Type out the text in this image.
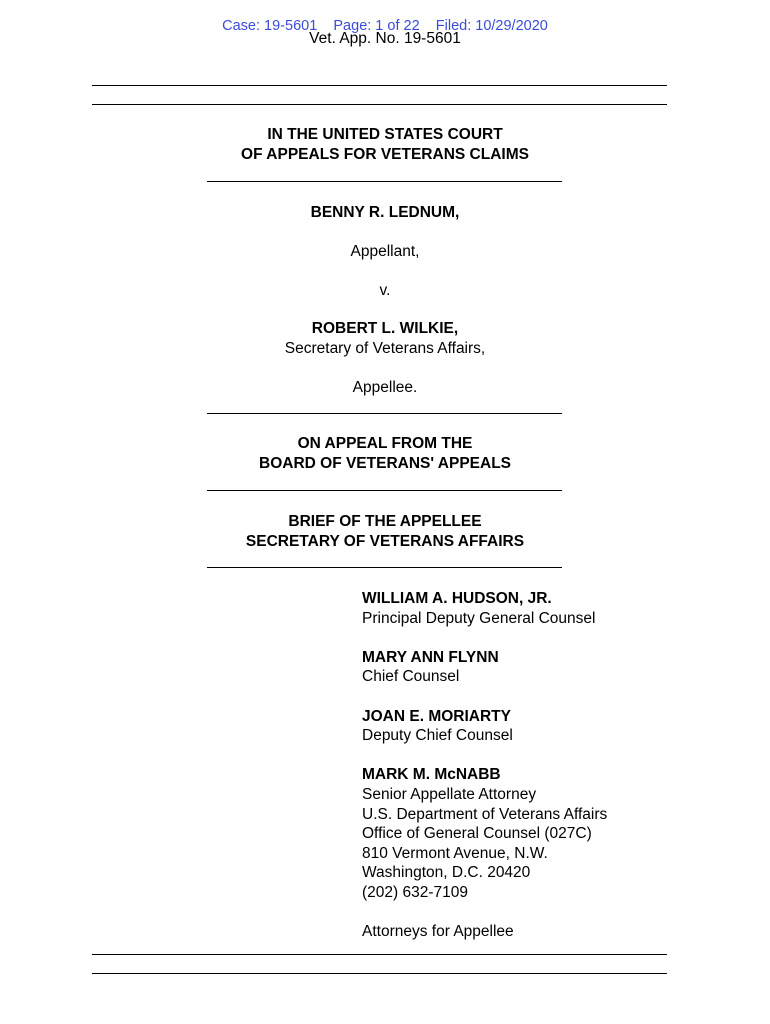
Case: 19-5601 Page: 1 of 22 Filed: 10/29/2020
Vet. App. No. 19-5601
IN THE UNITED STATES COURT
OF APPEALS FOR VETERANS CLAIMS
BENNY R. LEDNUM,
Appellant,
v.
ROBERT L. WILKIE,
Secretary of Veterans Affairs,
Appellee.
ON APPEAL FROM THE
BOARD OF VETERANS' APPEALS
BRIEF OF THE APPELLEE
SECRETARY OF VETERANS AFFAIRS
WILLIAM A. HUDSON, JR.
Principal Deputy General Counsel
MARY ANN FLYNN
Chief Counsel
JOAN E. MORIARTY
Deputy Chief Counsel
MARK M. McNABB
Senior Appellate Attorney
U.S. Department of Veterans Affairs
Office of General Counsel (027C)
810 Vermont Avenue, N.W.
Washington, D.C. 20420
(202) 632-7109
Attorneys for Appellee
